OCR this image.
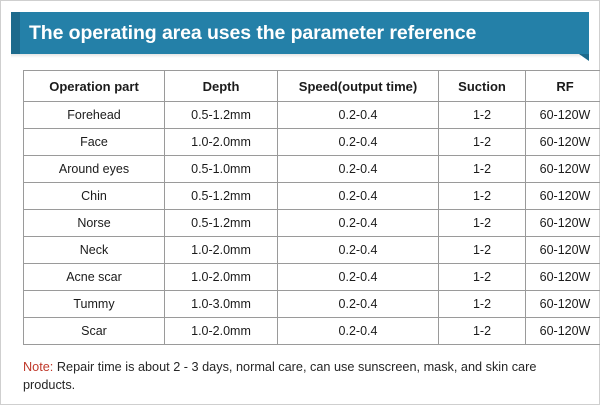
The operating area uses the parameter reference
Operation part	Depth	Speed(output time)	Suction	RF
Forehead	0.5-1.2mm	0.2-0.4	1-2	60-120W
Face	1.0-2.0mm	0.2-0.4	1-2	60-120W
Around eyes	0.5-1.0mm	0.2-0.4	1-2	60-120W
Chin	0.5-1.2mm	0.2-0.4	1-2	60-120W
Norse	0.5-1.2mm	0.2-0.4	1-2	60-120W
Neck	1.0-2.0mm	0.2-0.4	1-2	60-120W
Acne scar	1.0-2.0mm	0.2-0.4	1-2	60-120W
Tummy	1.0-3.0mm	0.2-0.4	1-2	60-120W
Scar	1.0-2.0mm	0.2-0.4	1-2	60-120W
Note: Repair time is about 2 - 3 days, normal care, can use sunscreen, mask, and skin care products.
